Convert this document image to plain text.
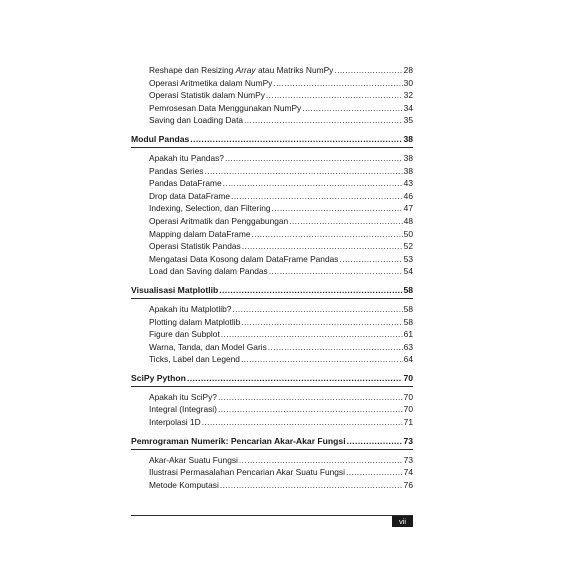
Reshape dan Resizing Array atau Matriks NumPy .....	28
Operasi Aritmetika dalam NumPy .....	30
Operasi Statistik dalam NumPy .....	32
Pemrosesan Data Menggunakan NumPy .....	34
Saving dan Loading Data .....	35
Modul Pandas .....	38
Apakah itu Pandas? .....	38
Pandas Series .....	38
Pandas DataFrame .....	43
Drop data DataFrame .....	46
Indexing, Selection, dan Filtering .....	47
Operasi Aritmatik dan Penggabungan .....	48
Mapping dalam DataFrame .....	50
Operasi Statistik Pandas .....	52
Mengatasi Data Kosong dalam DataFrame Pandas .....	53
Load dan Saving dalam Pandas .....	54
Visualisasi Matplotlib .....	58
Apakah itu Matplotlib? .....	58
Plotting dalam Matplotlib .....	58
Figure dan Subplot .....	61
Warna, Tanda, dan Model Garis .....	63
Ticks, Label dan Legend .....	64
SciPy Python .....	70
Apakah itu SciPy? .....	70
Integral (Integrasi) .....	70
Interpolasi 1D .....	71
Pemrograman Numerik: Pencarian Akar-Akar Fungsi .....	73
Akar-Akar Suatu Fungsi .....	73
Ilustrasi Permasalahan Pencarian Akar Suatu Fungsi .....	74
Metode Komputasi .....	76
vii
